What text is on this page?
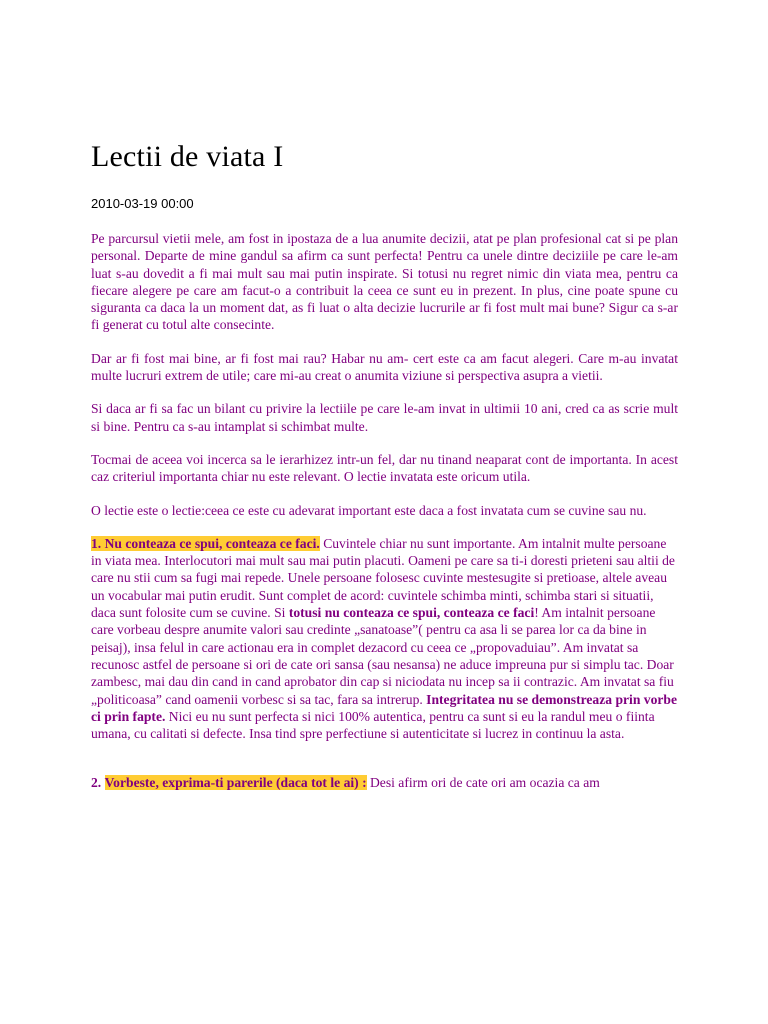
Lectii de viata I
2010-03-19 00:00

Pe parcursul vietii mele, am fost in ipostaza de a lua anumite decizii, atat pe plan profesional cat si pe plan personal. Departe de mine gandul sa afirm ca sunt perfecta! Pentru ca unele dintre deciziile pe care le-am luat s-au dovedit a fi mai mult sau mai putin inspirate. Si totusi nu regret nimic din viata mea, pentru ca fiecare alegere pe care am facut-o a contribuit la ceea ce sunt eu in prezent. In plus, cine poate spune cu siguranta ca daca la un moment dat, as fi luat o alta decizie lucrurile ar fi fost mult mai bune? Sigur ca s-ar fi generat cu totul alte consecinte.

Dar ar fi fost mai bine, ar fi fost mai rau? Habar nu am- cert este ca am facut alegeri. Care m-au invatat multe lucruri extrem de utile; care mi-au creat o anumita viziune si perspectiva asupra a vietii.

Si daca ar fi sa fac un bilant cu privire la lectiile pe care le-am invat in ultimii 10 ani, cred ca as scrie mult si bine. Pentru ca s-au intamplat si schimbat multe.

Tocmai de aceea voi incerca sa le ierarhizez intr-un fel, dar nu tinand neaparat cont de importanta. In acest caz criteriul importanta chiar nu este relevant. O lectie invatata este oricum utila.

O lectie este o lectie:ceea ce este cu adevarat important este daca a fost invatata cum se cuvine sau nu.

1. Nu conteaza ce spui, conteaza ce faci. Cuvintele chiar nu sunt importante. Am intalnit multe persoane in viata mea. Interlocutori mai mult sau mai putin placuti. Oameni pe care sa ti-i doresti prieteni sau altii de care nu stii cum sa fugi mai repede. Unele persoane folosesc cuvinte mestesugite si pretioase, altele aveau un vocabular mai putin erudit. Sunt complet de acord: cuvintele schimba minti, schimba stari si situatii, daca sunt folosite cum se cuvine. Si totusi nu conteaza ce spui, conteaza ce faci! Am intalnit persoane care vorbeau despre anumite valori sau credinte „sanatoase”( pentru ca asa li se parea lor ca da bine in peisaj), insa felul in care actionau era in complet dezacord cu ceea ce „propovaduiau”. Am invatat sa recunosc astfel de persoane si ori de cate ori sansa (sau nesansa) ne aduce impreuna pur si simplu tac. Doar zambesc, mai dau din cand in cand aprobator din cap si niciodata nu incep sa ii contrazic. Am invatat sa fiu „politicoasa” cand oamenii vorbesc si sa tac, fara sa intrerup. Integritatea nu se demonstreaza prin vorbe ci prin fapte. Nici eu nu sunt perfecta si nici 100% autentica, pentru ca sunt si eu la randul meu o fiinta umana, cu calitati si defecte. Insa tind spre perfectiune si autenticitate si lucrez in continuu la asta.

2. Vorbeste, exprima-ti parerile (daca tot le ai) : Desi afirm ori de cate ori am ocazia ca am
